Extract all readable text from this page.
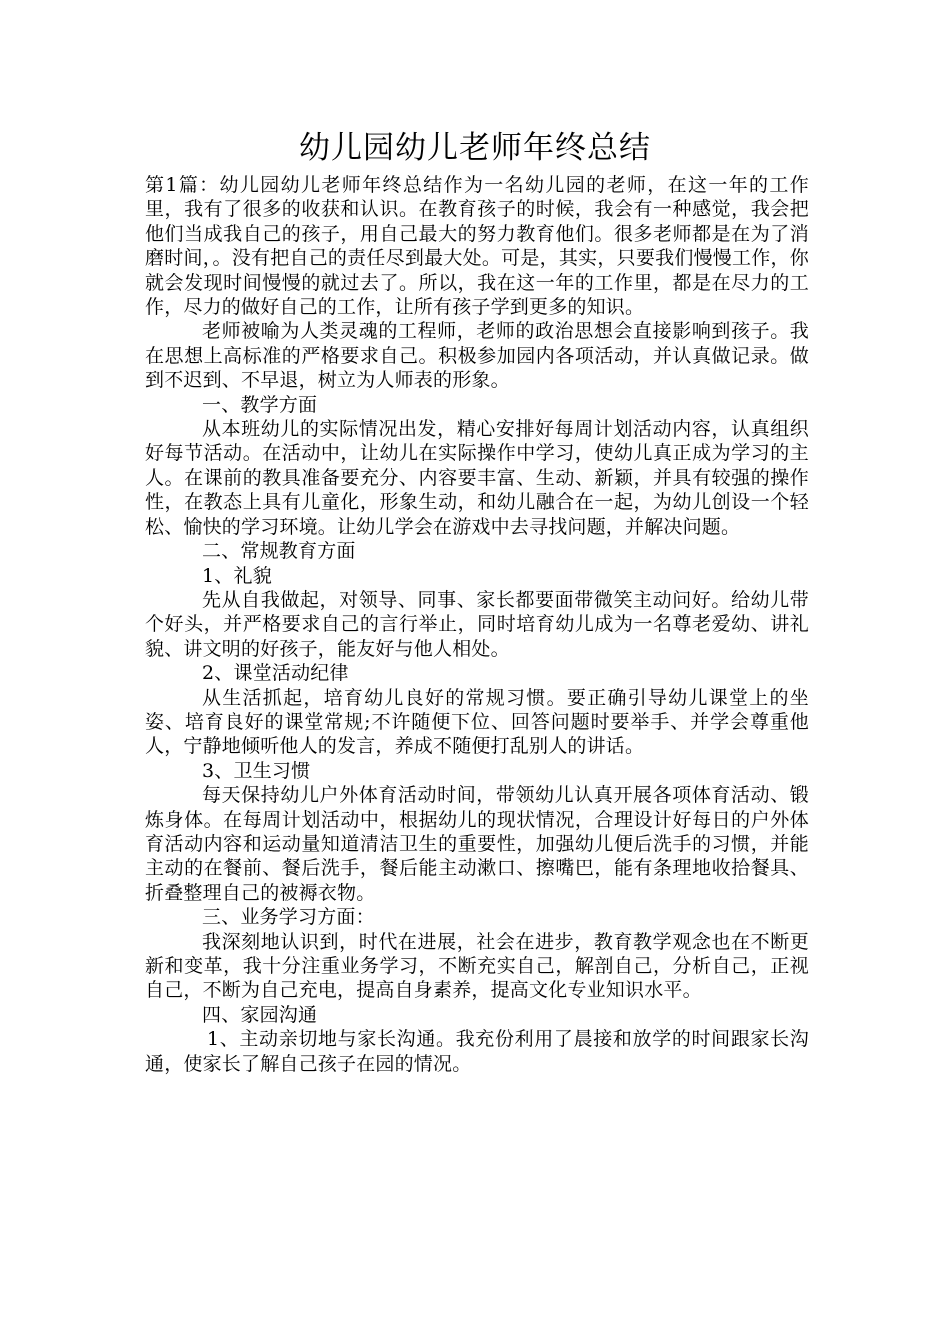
幼儿园幼儿老师年终总结

第1篇：幼儿园幼儿老师年终总结作为一名幼儿园的老师，在这一年的工作里，我有了很多的收获和认识。在教育孩子的时候，我会有一种感觉，我会把他们当成我自己的孩子，用自己最大的努力教育他们。很多老师都是在为了消磨时间，。没有把自己的责任尽到最大处。可是，其实，只要我们慢慢工作，你就会发现时间慢慢的就过去了。所以，我在这一年的工作里，都是在尽力的工作，尽力的做好自己的工作，让所有孩子学到更多的知识。

老师被喻为人类灵魂的工程师，老师的政治思想会直接影响到孩子。我在思想上高标准的严格要求自己。积极参加园内各项活动，并认真做记录。做到不迟到、不早退，树立为人师表的形象。

一、教学方面

从本班幼儿的实际情况出发，精心安排好每周计划活动内容，认真组织好每节活动。在活动中，让幼儿在实际操作中学习，使幼儿真正成为学习的主人。在课前的教具准备要充分、内容要丰富、生动、新颖，并具有较强的操作性，在教态上具有儿童化，形象生动，和幼儿融合在一起，为幼儿创设一个轻松、愉快的学习环境。让幼儿学会在游戏中去寻找问题，并解决问题。

二、常规教育方面

1、礼貌

先从自我做起，对领导、同事、家长都要面带微笑主动问好。给幼儿带个好头，并严格要求自己的言行举止，同时培育幼儿成为一名尊老爱幼、讲礼貌、讲文明的好孩子，能友好与他人相处。

2、课堂活动纪律

从生活抓起，培育幼儿良好的常规习惯。要正确引导幼儿课堂上的坐姿、培育良好的课堂常规;不许随便下位、回答问题时要举手、并学会尊重他人，宁静地倾听他人的发言，养成不随便打乱别人的讲话。

3、卫生习惯

每天保持幼儿户外体育活动时间，带领幼儿认真开展各项体育活动、锻炼身体。在每周计划活动中，根据幼儿的现状情况，合理设计好每日的户外体育活动内容和运动量知道清洁卫生的重要性，加强幼儿便后洗手的习惯，并能主动的在餐前、餐后洗手，餐后能主动漱口、擦嘴巴，能有条理地收拾餐具、折叠整理自己的被褥衣物。

三、业务学习方面：

我深刻地认识到，时代在进展，社会在进步，教育教学观念也在不断更新和变革，我十分注重业务学习，不断充实自己，解剖自己，分析自己，正视自己，不断为自己充电，提高自身素养，提高文化专业知识水平。

四、家园沟通

1、主动亲切地与家长沟通。我充份利用了晨接和放学的时间跟家长沟通，使家长了解自己孩子在园的情况。
